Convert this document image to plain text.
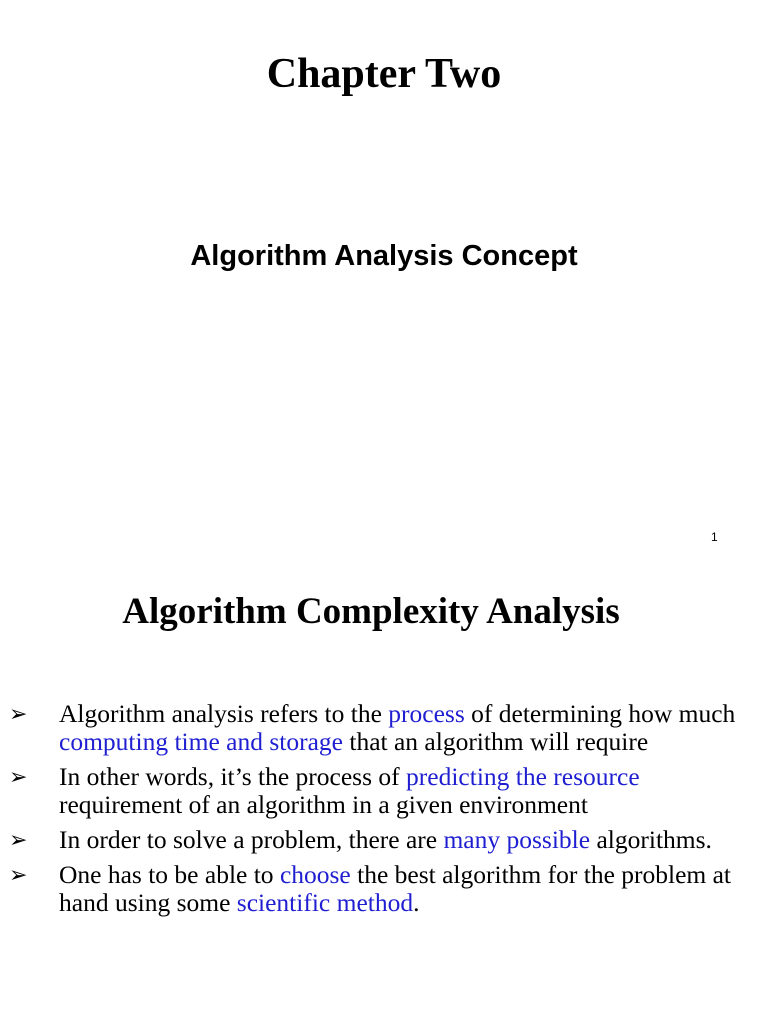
Chapter Two
Algorithm Analysis Concept
1
Algorithm Complexity Analysis
➢ Algorithm analysis refers to the process of determining how much computing time and storage that an algorithm will require
➢ In other words, it’s the process of predicting the resource requirement of an algorithm in a given environment
➢ In order to solve a problem, there are many possible algorithms.
➢ One has to be able to choose the best algorithm for the problem at hand using some scientific method.
